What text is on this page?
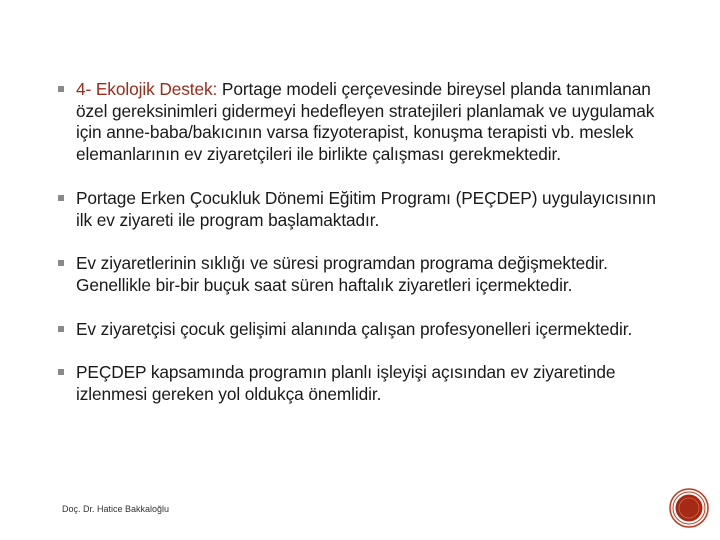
4- Ekolojik Destek: Portage modeli çerçevesinde bireysel planda tanımlanan özel gereksinimleri gidermeyi hedefleyen stratejileri planlamak ve uygulamak için anne-baba/bakıcının varsa fizyoterapist, konuşma terapisti vb. meslek elemanlarının ev ziyaretçileri ile birlikte çalışması gerekmektedir.
Portage Erken Çocukluk Dönemi Eğitim Programı (PEÇDEP) uygulayıcısının ilk ev ziyareti ile program başlamaktadır.
Ev ziyaretlerinin sıklığı ve süresi programdan programa değişmektedir. Genellikle bir-bir buçuk saat süren haftalık ziyaretleri içermektedir.
Ev ziyaretçisi çocuk gelişimi alanında çalışan profesyonelleri içermektedir.
PEÇDEP kapsamında programın planlı işleyişi açısından ev ziyaretinde izlenmesi gereken yol oldukça önemlidir.
Doç. Dr. Hatice Bakkaloğlu
